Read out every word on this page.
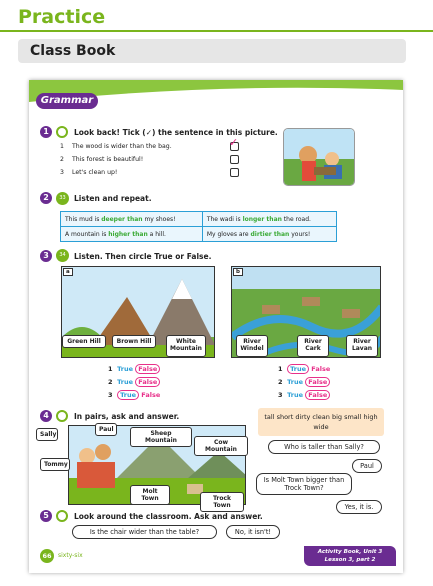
Practice
Class Book
Grammar	Lesson 3, part 1
1	Look back! Tick (✓) the sentence in this picture.
1 The wood is wider than the bag.	✓
2 This forest is beautiful!
3 Let's clean up!
2	33	Listen and repeat.
This mud is deeper than my shoes!	The wadi is longer than the road.
A mountain is higher than a hill.	My gloves are dirtier than yours!
3	34	Listen. Then circle True or False.
a
Green Hill	Brown Hill	White Mountain
b
River Windel
River Cark
River Lavan
1 True False
2 True False
3 True False
1 True False
2 True False
3 True False
4	In pairs, ask and answer.
Sally
Paul
Sheep Mountain	Cow Mountain
Tommy
Molt Town	Trock Town
tall short dirty clean big small high wide
Who is taller than Sally?
Paul
Is Molt Town bigger than Trock Town?
Yes, it is.
5	Look around the classroom. Ask and answer.
Is the chair wider than the table?	No, it isn't!
66	sixty-six	Activity Book, Unit 3
Lesson 3, part 2
